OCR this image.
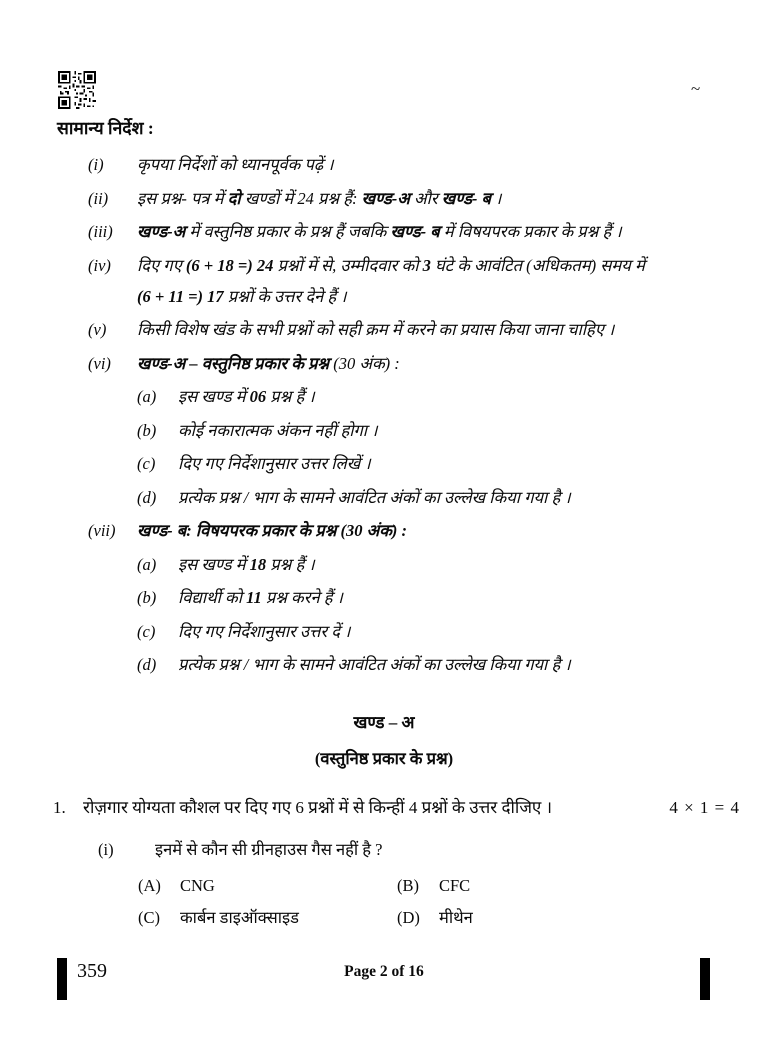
~
सामान्य निर्देश :
(i)	कृपया निर्देशों को ध्यानपूर्वक पढ़ें ।
(ii)	इस प्रश्न- पत्र में दो खण्डों में 24 प्रश्न हैं: खण्ड-अ और खण्ड- ब ।
(iii)	खण्ड-अ में वस्तुनिष्ठ प्रकार के प्रश्न हैं जबकि खण्ड- ब में विषयपरक प्रकार के प्रश्न हैं ।
(iv)	दिए गए (6 + 18 =) 24 प्रश्नों में से, उम्मीदवार को 3 घंटे के आवंटित (अधिकतम) समय में
(6 + 11 =) 17 प्रश्नों के उत्तर देने हैं ।
(v)	किसी विशेष खंड के सभी प्रश्नों को सही क्रम में करने का प्रयास किया जाना चाहिए ।
(vi)	खण्ड-अ – वस्तुनिष्ठ प्रकार के प्रश्न (30 अंक) :
(a)	इस खण्ड में 06 प्रश्न हैं ।
(b)	कोई नकारात्मक अंकन नहीं होगा ।
(c)	दिए गए निर्देशानुसार उत्तर लिखें ।
(d)	प्रत्येक प्रश्न / भाग के सामने आवंटित अंकों का उल्लेख किया गया है ।
(vii)	खण्ड- ब: विषयपरक प्रकार के प्रश्न (30 अंक) :
(a)	इस खण्ड में 18 प्रश्न हैं ।
(b)	विद्यार्थी को 11 प्रश्न करने हैं ।
(c)	दिए गए निर्देशानुसार उत्तर दें ।
(d)	प्रत्येक प्रश्न / भाग के सामने आवंटित अंकों का उल्लेख किया गया है ।
खण्ड – अ
(वस्तुनिष्ठ प्रकार के प्रश्न)
1.	रोज़गार योग्यता कौशल पर दिए गए 6 प्रश्नों में से किन्हीं 4 प्रश्नों के उत्तर दीजिए ।	4 × 1 = 4
(i)	इनमें से कौन सी ग्रीनहाउस गैस नहीं है ?
(A)	CNG	(B)	CFC
(C)	कार्बन डाइऑक्साइड	(D)	मीथेन
359	Page 2 of 16
